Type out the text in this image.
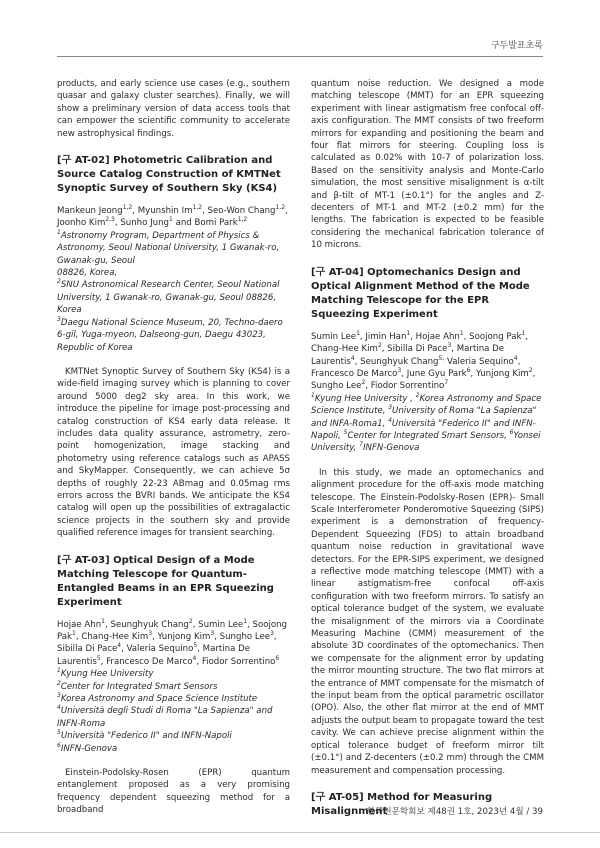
구두발표초록

products, and early science use cases (e.g., southern quasar and galaxy cluster searches). Finally, we will show a preliminary version of data access tools that can empower the scientific community to accelerate new astrophysical findings.

[구 AT-02] Photometric Calibration and Source Catalog Construction of KMTNet Synoptic Survey of Southern Sky (KS4)

Mankeun Jeong$^{1,2}$, Myunshin Im$^{1,2}$, Seo-Won Chang$^{1,2}$, Joonho Kim$^{2,3}$, Sunho Jung$^1$ and Bomi Park$^{1,2}$

$^1$Astronomy Program, Department of Physics & Astronomy, Seoul National University, 1 Gwanak-ro, Gwanak-gu, Seoul
08826, Korea,
$^2$SNU Astronomical Research Center, Seoul National University, 1 Gwanak-ro, Gwanak-gu, Seoul 08826, Korea
$^3$Daegu National Science Museum, 20, Techno-daero 6-gil, Yuga-myeon, Dalseong-gun, Daegu 43023, Republic of Korea

KMTNet Synoptic Survey of Southern Sky (KS4) is a wide-field imaging survey which is planning to cover around 5000 deg2 sky area. In this work, we introduce the pipeline for image post-processing and catalog construction of KS4 early data release. It includes data quality assurance, astrometry, zero-point homogenization, image stacking and photometry using reference catalogs such as APASS and SkyMapper. Consequently, we can achieve 5σ depths of roughly 22-23 ABmag and 0.05mag rms errors across the BVRI bands. We anticipate the KS4 catalog will open up the possibilities of extragalactic science projects in the southern sky and provide qualified reference images for transient searching.

[구 AT-03] Optical Design of a Mode Matching Telescope for Quantum-Entangled Beams in an EPR Squeezing Experiment

Hojae Ahn$^1$, Seunghyuk Chang$^2$, Sumin Lee$^1$, Soojong Pak$^1$, Chang-Hee Kim$^3$, Yunjong Kim$^3$, Sungho Lee$^3$, Sibilla Di Pace$^4$, Valeria Sequino$^5$, Martina De Laurentis$^5$, Francesco De Marco$^4$, Fiodor Sorrentino$^6$

$^1$Kyung Hee University
$^2$Center for Integrated Smart Sensors
$^3$Korea Astronomy and Space Science Institute
$^4$Università degli Studi di Roma "La Sapienza" and INFN-Roma
$^5$Università "Federico II" and INFN-Napoli
$^6$INFN-Genova

Einstein-Podolsky-Rosen (EPR) quantum entanglement proposed as a very promising frequency dependent squeezing method for a broadband

quantum noise reduction. We designed a mode matching telescope (MMT) for an EPR squeezing experiment with linear astigmatism free confocal off-axis configuration. The MMT consists of two freeform mirrors for expanding and positioning the beam and four flat mirrors for steering. Coupling loss is calculated as 0.02% with 10-7 of polarization loss. Based on the sensitivity analysis and Monte-Carlo simulation, the most sensitive misalignment is α-tilt and β-tilt of MT-1 (±0.1°) for the angles and Z-decenters of MT-1 and MT-2 (±0.2 mm) for the lengths. The fabrication is expected to be feasible considering the mechanical fabrication tolerance of 10 microns.

[구 AT-04] Optomechanics Design and Optical Alignment Method of the Mode Matching Telescope for the EPR Squeezing Experiment

Sumin Lee$^1$, Jimin Han$^1$, Hojae Ahn$^1$, Soojong Pak$^1$, Chang-Hee Kim$^2$, Sibilla Di Pace$^3$, Martina De Laurentis$^4$, Seunghyuk Chang$^{5,}$ Valeria Sequino$^4$, Francesco De Marco$^3$, June Gyu Park$^6$, Yunjong Kim$^2$, Sungho Lee$^2$, Fiodor Sorrentino$^7$

$^1$Kyung Hee University , $^2$Korea Astronomy and Space Science Institute, $^3$University of Roma "La Sapienza" and INFA-Roma1, $^4$Università "Federico II" and INFN-Napoli, $^5$Center for Integrated Smart Sensors, $^6$Yonsei University, $^7$INFN-Genova

In this study, we made an optomechanics and alignment procedure for the off-axis mode matching telescope. The Einstein-Podolsky-Rosen (EPR)- Small Scale Interferometer Ponderomotive Squeezing (SIPS) experiment is a demonstration of frequency-Dependent Squeezing (FDS) to attain broadband quantum noise reduction in gravitational wave detectors. For the EPR-SIPS experiment, we designed a reflective mode matching telescope (MMT) with a linear astigmatism-free confocal off-axis configuration with two freeform mirrors. To satisfy an optical tolerance budget of the system, we evaluate the misalignment of the mirrors via a Coordinate Measuring Machine (CMM) measurement of the absolute 3D coordinates of the optomechanics. Then we compensate for the alignment error by updating the mirror mounting structure. The two flat mirrors at the entrance of MMT compensate for the mismatch of the input beam from the optical parametric oscillator (OPO). Also, the other flat mirror at the end of MMT adjusts the output beam to propagate toward the test cavity. We can achieve precise alignment within the optical tolerance budget of freeform mirror tilt (±0.1°) and Z-decenters (±0.2 mm) through the CMM measurement and compensation processing.

[구 AT-05] Method for Measuring Misalignment
한국천문학회보 제48권 1호, 2023년 4월 / 39
